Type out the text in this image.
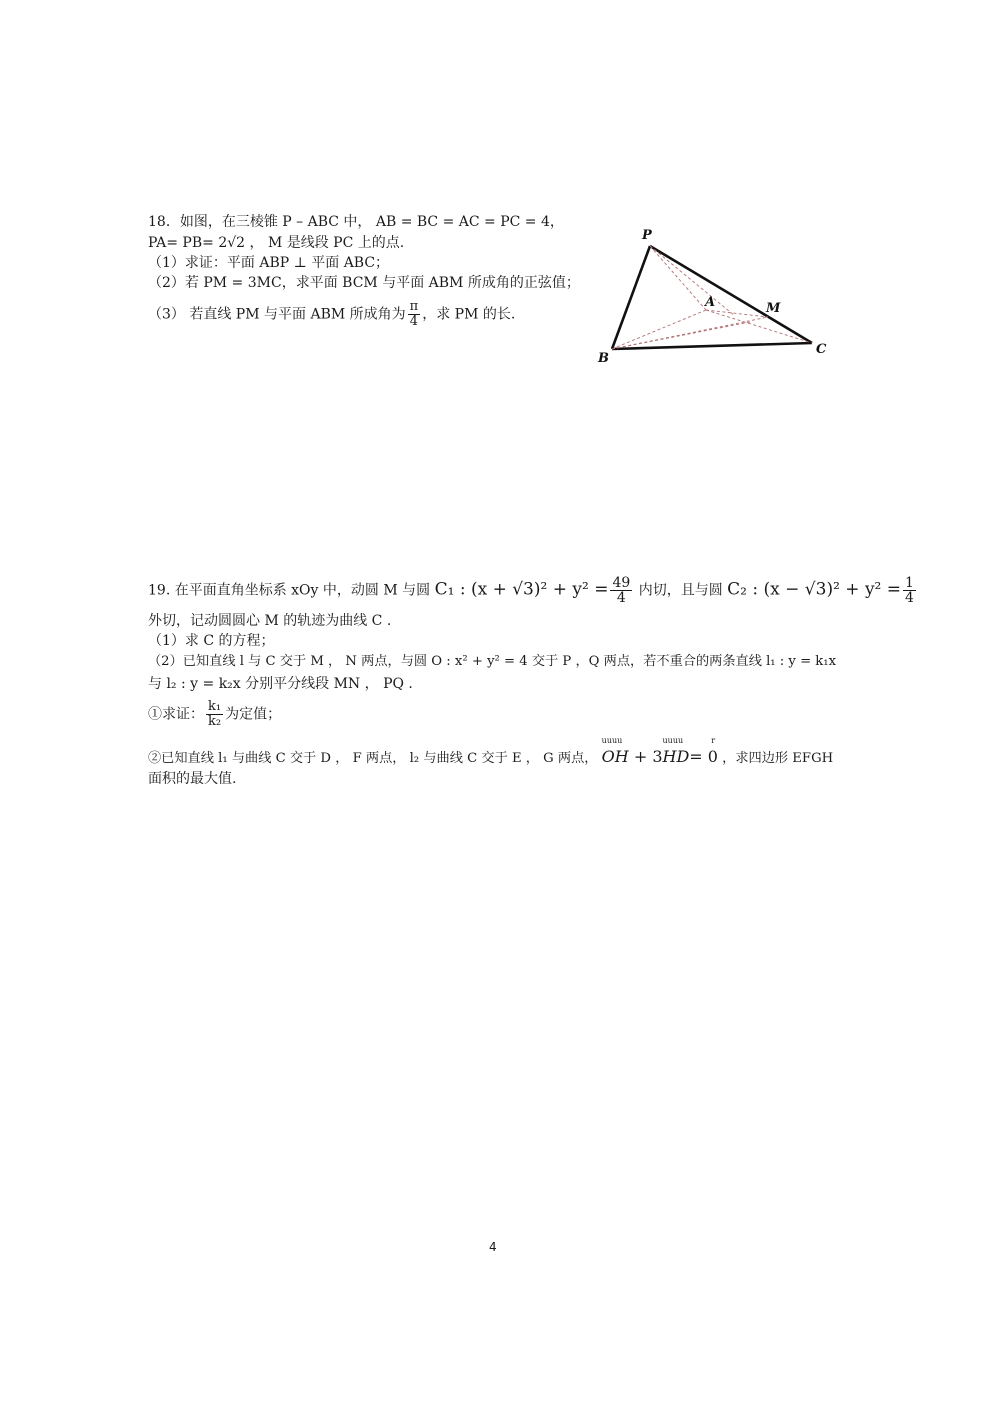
18．如图，在三棱锥 P – ABC 中， AB = BC = AC = PC = 4，
PA= PB= 2√2 ， M 是线段 PC 上的点.
（1）求证：平面 ABP ⊥ 平面 ABC；
（2）若 PM = 3MC，求平面 BCM 与平面 ABM 所成角的正弦值；
（3） 若直线 PM 与平面 ABM 所成角为 $\frac{\pi}{4}$ ，求 PM 的长.
P
A	M
B
C
19. 在平面直角坐标系 xOy 中，动圆 M 与圆 C₁ : $(x + √3)^2 + y^2 = \frac{49}{4}$ 内切，且与圆 C₂ : $(x - √3)^2 + y^2 = \frac{1}{4}$
外切，记动圆圆心 M 的轨迹为曲线 C .
（1）求 C 的方程；
（2）已知直线 l 与 C 交于 M ， N 两点，与圆 O : x² + y² = 4 交于 P ，Q 两点，若不重合的两条直线 l₁ : y = k₁x
与 l₂ : y = k₂x 分别平分线段 MN ， PQ .
①求证： $\frac{\text{k₁}}{\text{k₂}}$ 为定值；
②已知直线 l₁ 与曲线 C 交于 D ， F 两点， l₂ 与曲线 C 交于 E ， G 两点，
uuuu
OH + 3
uuuu
HD
r
= 0 ，求四边形 EFGH
面积的最大值.
4
